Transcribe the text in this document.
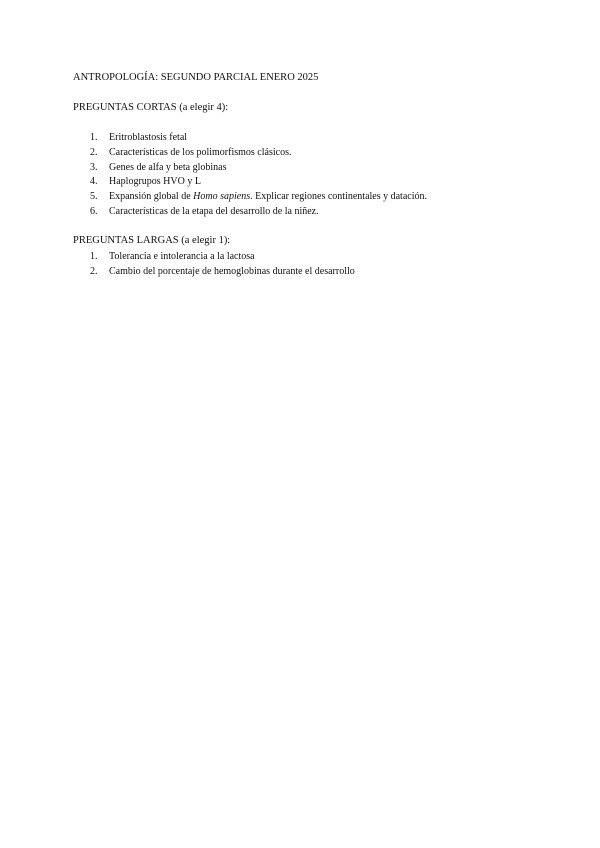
ANTROPOLOGÍA: SEGUNDO PARCIAL ENERO 2025
PREGUNTAS CORTAS (a elegir 4):
1.	Eritroblastosis fetal
2.	Características de los polimorfismos clásicos.
3.	Genes de alfa y beta globinas
4.	Haplogrupos HVO y L
5.	Expansión global de Homo sapiens. Explicar regiones continentales y datación.
6.	Características de la etapa del desarrollo de la niñez.
PREGUNTAS LARGAS (a elegir 1):
1.	Tolerancia e intolerancia a la lactosa
2.	Cambio del porcentaje de hemoglobinas durante el desarrollo
